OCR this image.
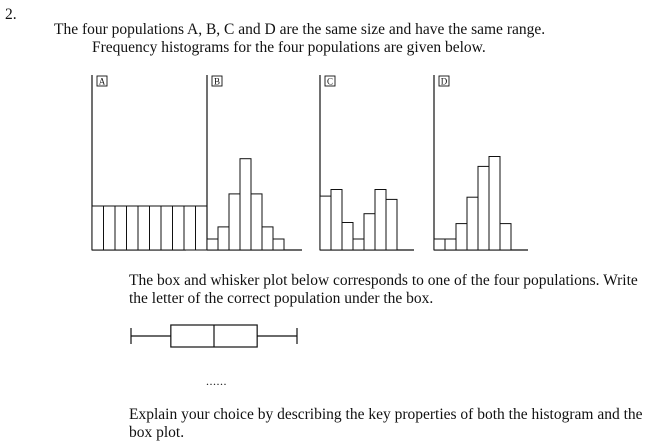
2.
The four populations A, B, C and D are the same size and have the same range.
Frequency histograms for the four populations are given below.
A	B	C	D
The box and whisker plot below corresponds to one of the four populations. Write
the letter of the correct population under the box.
......
Explain your choice by describing the key properties of both the histogram and the
box plot.
